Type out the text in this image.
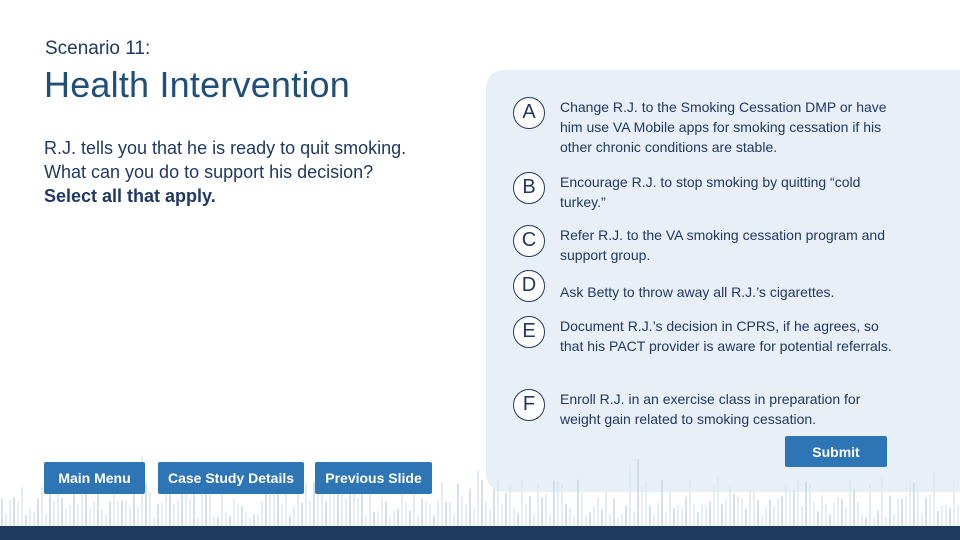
Scenario 11:
Health Intervention
R.J. tells you that he is ready to quit smoking. What can you do to support his decision?
Select all that apply.
A	Change R.J. to the Smoking Cessation DMP or have him use VA Mobile apps for smoking cessation if his other chronic conditions are stable.
B	Encourage R.J. to stop smoking by quitting “cold turkey.”
C	Refer R.J. to the VA smoking cessation program and support group.
D	Ask Betty to throw away all R.J.’s cigarettes.
E	Document R.J.’s decision in CPRS, if he agrees, so that his PACT provider is aware for potential referrals.
F	Enroll R.J. in an exercise class in preparation for weight gain related to smoking cessation.
Submit
Main Menu	Case Study Details	Previous Slide
